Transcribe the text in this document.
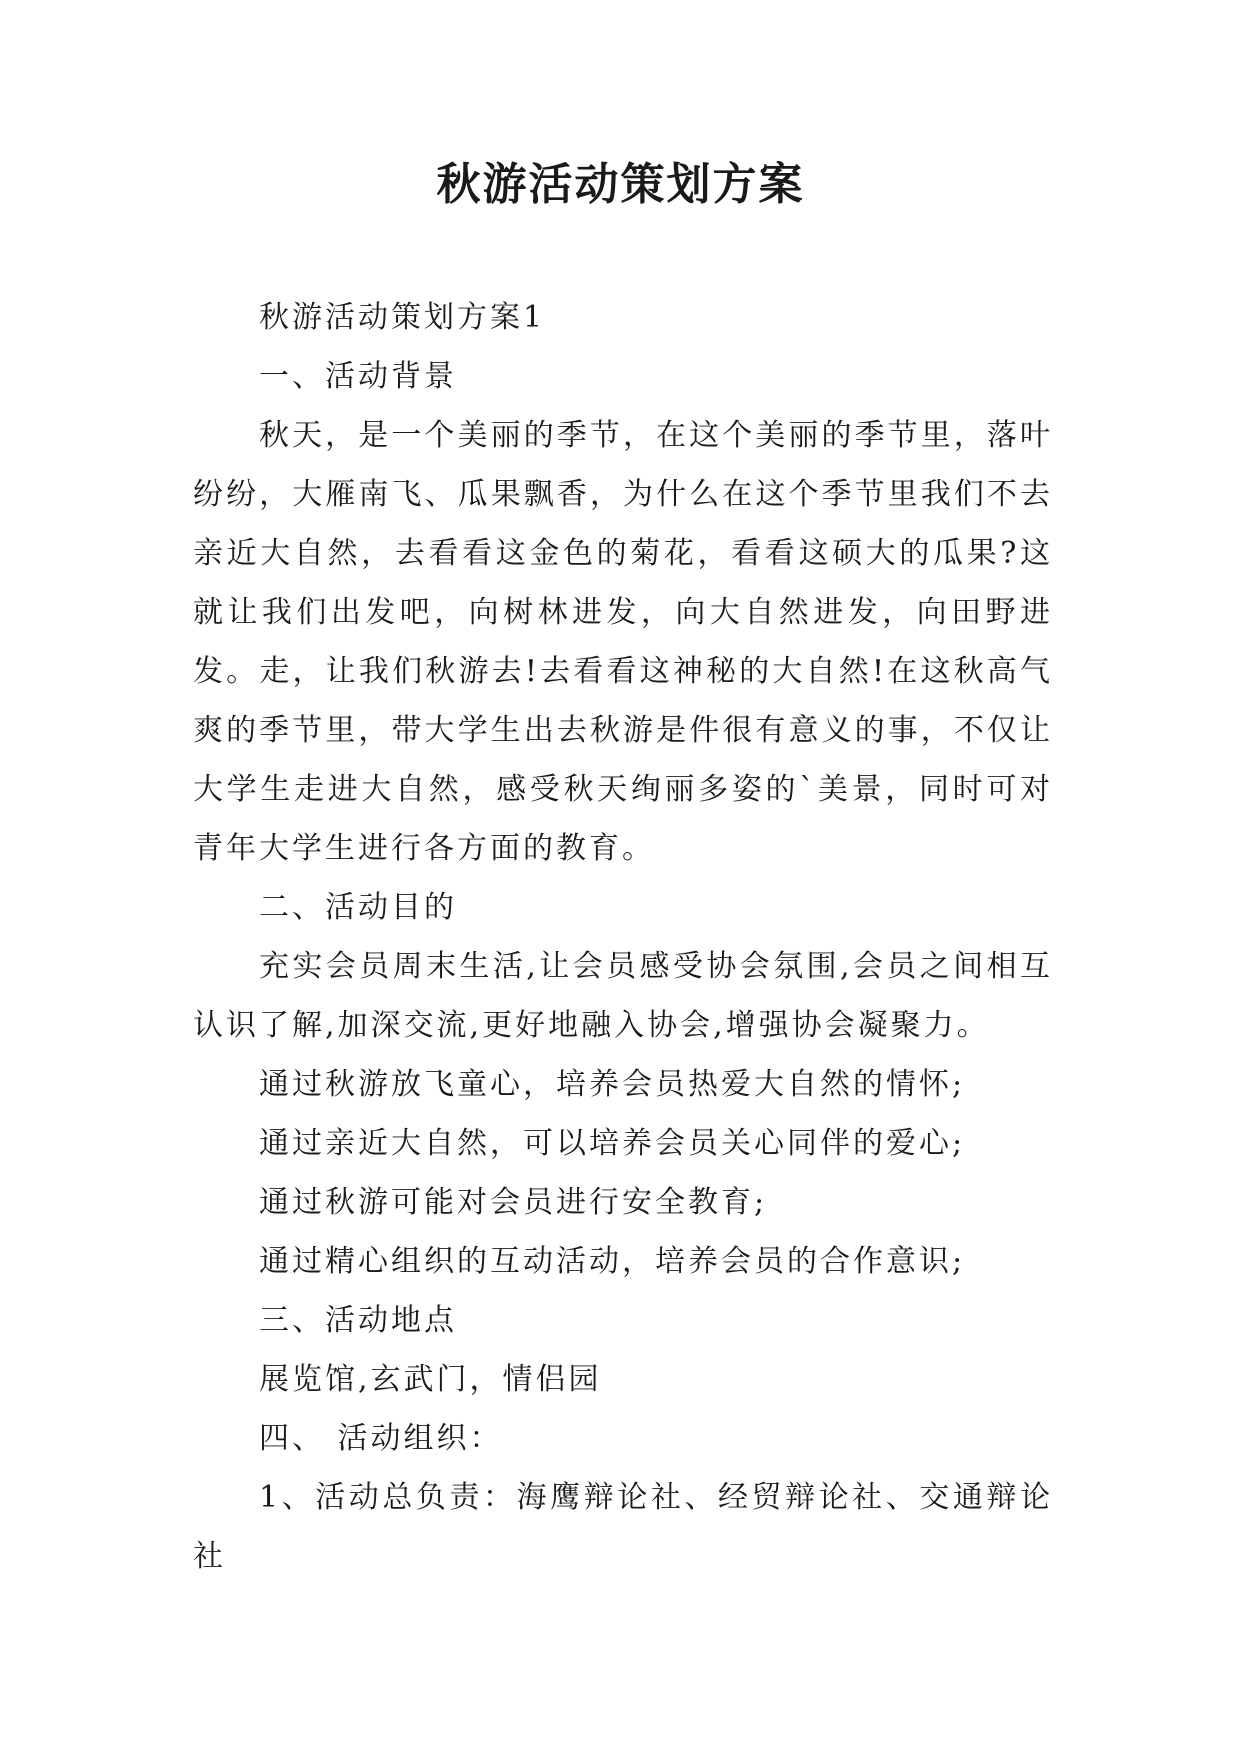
秋游活动策划方案

秋游活动策划方案1

一、活动背景

秋天，是一个美丽的季节，在这个美丽的季节里，落叶纷纷，大雁南飞、瓜果飘香，为什么在这个季节里我们不去亲近大自然，去看看这金色的菊花，看看这硕大的瓜果?这就让我们出发吧，向树林进发，向大自然进发，向田野进发。走，让我们秋游去!去看看这神秘的大自然!在这秋高气爽的季节里，带大学生出去秋游是件很有意义的事，不仅让大学生走进大自然，感受秋天绚丽多姿的`美景，同时可对青年大学生进行各方面的教育。

二、活动目的

充实会员周末生活,让会员感受协会氛围,会员之间相互认识了解,加深交流,更好地融入协会,增强协会凝聚力。

通过秋游放飞童心，培养会员热爱大自然的情怀;

通过亲近大自然，可以培养会员关心同伴的爱心;

通过秋游可能对会员进行安全教育;

通过精心组织的互动活动，培养会员的合作意识;

三、活动地点

展览馆,玄武门，情侣园

四、 活动组织：

1、活动总负责：海鹰辩论社、经贸辩论社、交通辩论社
